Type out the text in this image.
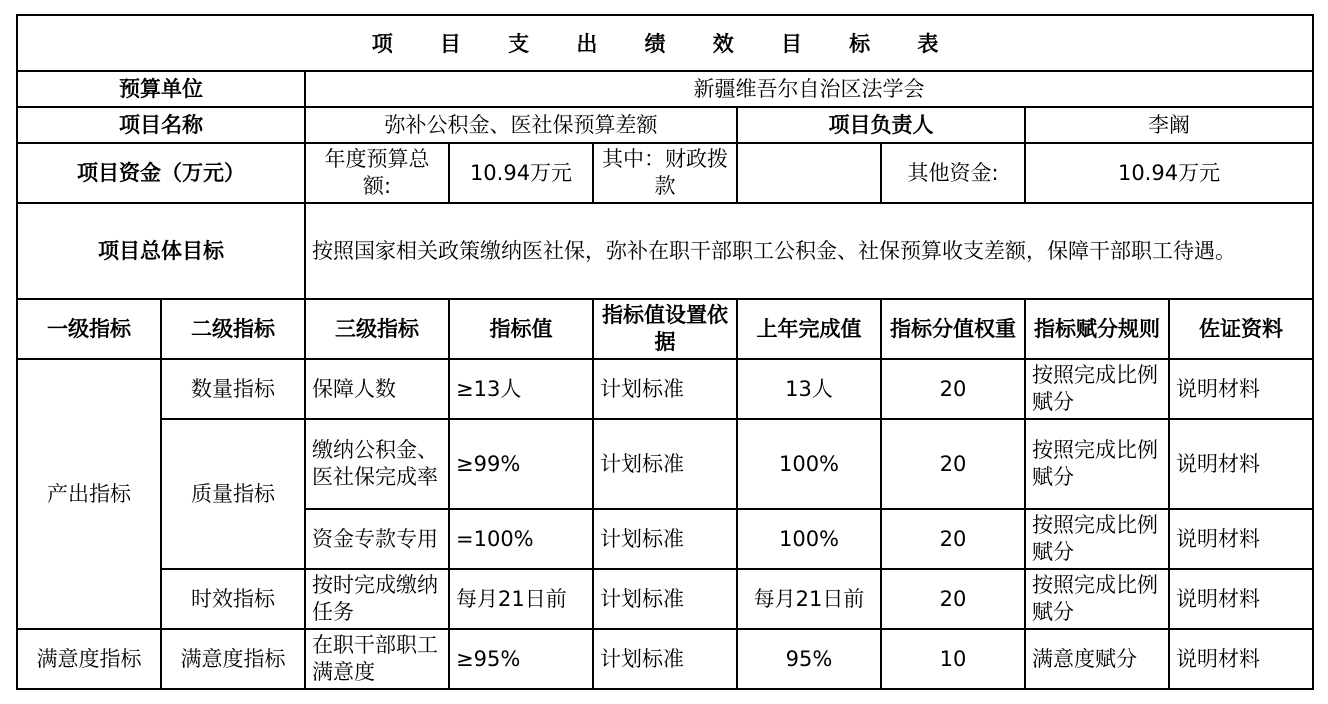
项 目 支 出 绩 效 目 标 表								
预算单位		新疆维吾尔自治区法学会						
项目名称		弥补公积金、医社保预算差额			项目负责人		李阚	
项目资金（万元）		年度预算总额:	10.94万元	其中：财政拨款		其他资金:	10.94万元	
项目总体目标		按照国家相关政策缴纳医社保，弥补在职干部职工公积金、社保预算收支差额，保障干部职工待遇。						
一级指标	二级指标	三级指标	指标值	指标值设置依据	上年完成值	指标分值权重	指标赋分规则	佐证资料
产出指标	数量指标	保障人数	≥13人	计划标准	13人	20	按照完成比例赋分	说明材料
	质量指标	缴纳公积金、医社保完成率	≥99%	计划标准	100%	20	按照完成比例赋分	说明材料
		资金专款专用	=100%	计划标准	100%	20	按照完成比例赋分	说明材料
	时效指标	按时完成缴纳任务	每月21日前	计划标准	每月21日前	20	按照完成比例赋分	说明材料
满意度指标	满意度指标	在职干部职工满意度	≥95%	计划标准	95%	10	满意度赋分	说明材料
